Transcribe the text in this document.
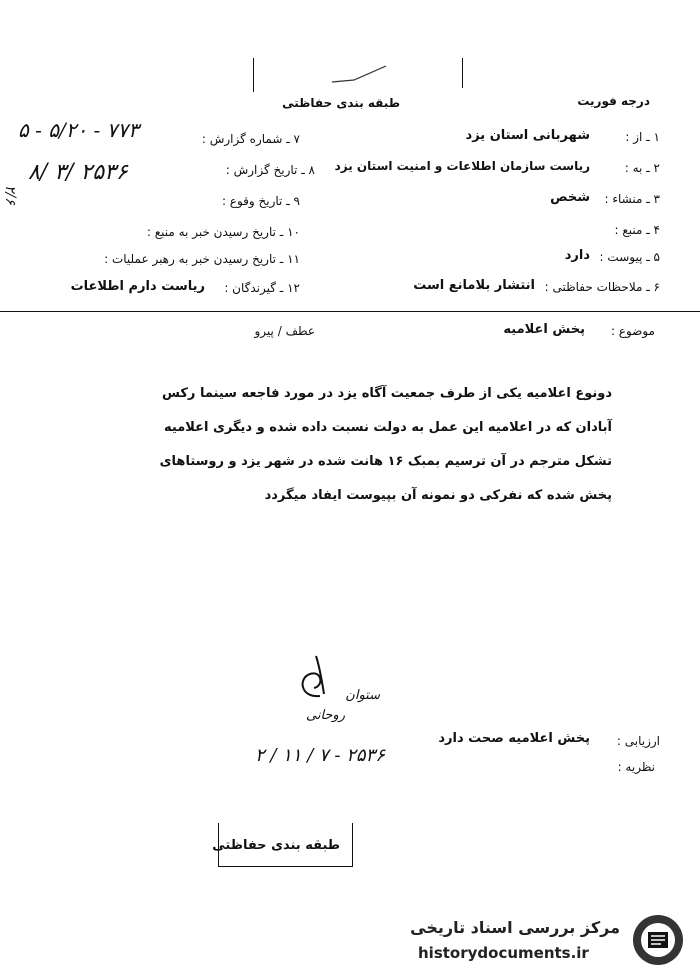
طبقه بندی حفاظتی	درجه فوریت
۱ ـ از :
شهربانی استان یزد
۲ ـ به :
ریاست سازمان اطلاعات و امنیت استان یزد
۳ ـ منشاء :
شخص
۴ ـ منبع :
۵ ـ پیوست :
دارد
۶ ـ ملاحظات حفاظتی :
انتشار بلامانع است
۷ ـ شماره گزارش :
۵ - ۵/۲۰ - ۷۷۳
۸ ـ تاریخ گزارش :
۸/ ۳/ ۲۵۳۶
۹ ـ تاریخ وقوع :
۱۰ ـ تاریخ رسیدن خبر به منبع :
۱۱ ـ تاریخ رسیدن خبر به رهبر عملیات :
۱۲ ـ گیرندگان :
ریاست دارم اطلاعات
۲/۶
موضوع :
پخش اعلامیه
عطف / پیرو
دونوع اعلامیه یکی از طرف جمعیت آگاه یزد در مورد فاجعه سینما رکس
آبادان که در اعلامیه این عمل به دولت نسبت داده شده و دیگری اعلامیه
تشکل مترجم در آن ترسیم بمبک ۱۶ هانت شده در شهر یزد و روستاهای
پخش شده که نفرکی دو نمونه آن بپیوست ایفاد میگردد
ستوان
روحانی
۲ / ۱۱ / ۷ - ۲۵۳۶
ارزیابی :
پخش اعلامیه صحت دارد
نظریه :
طبقه بندی حفاظتی
مرکز بررسی اسناد تاریخی
historydocuments.ir
